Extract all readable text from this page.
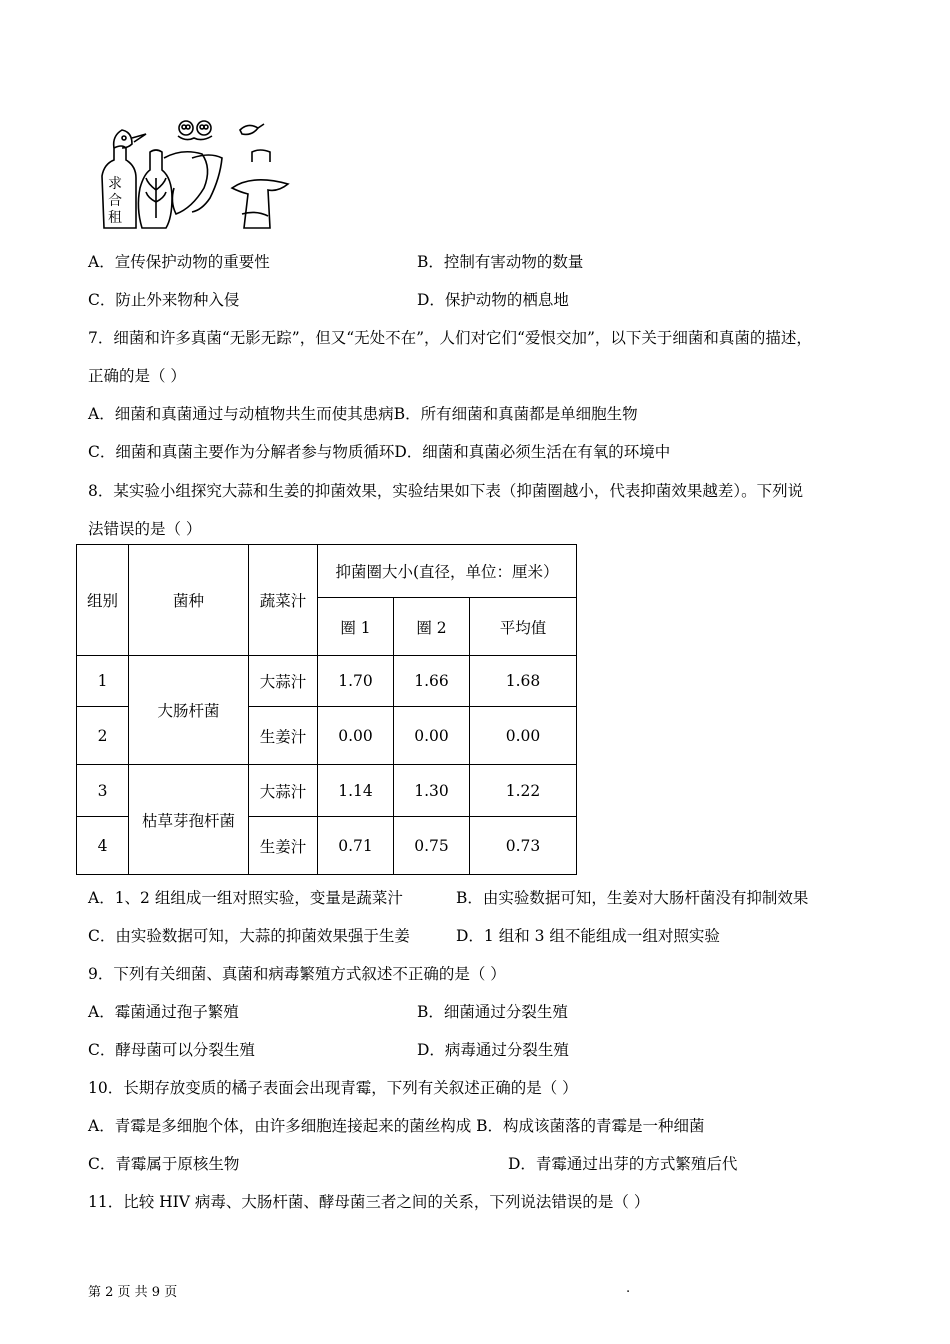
求合租
A．宣传保护动物的重要性	B．控制有害动物的数量
C．防止外来物种入侵	D．保护动物的栖息地
7．细菌和许多真菌“无影无踪”，但又“无处不在”，人们对它们“爱恨交加”，以下关于细菌和真菌的描述，
正确的是（ ）
A．细菌和真菌通过与动植物共生而使其患病B．所有细菌和真菌都是单细胞生物
C．细菌和真菌主要作为分解者参与物质循环D．细菌和真菌必须生活在有氧的环境中
8．某实验小组探究大蒜和生姜的抑菌效果，实验结果如下表（抑菌圈越小，代表抑菌效果越差）。下列说
法错误的是（ ）
组别	菌种	蔬菜汁	抑菌圈大小(直径，单位：厘米）		
			圈 1	圈 2	平均值
1	大肠杆菌	大蒜汁	1.70	1.66	1.68
2		生姜汁	0.00	0.00	0.00
3	枯草芽孢杆菌	大蒜汁	1.14	1.30	1.22
4		生姜汁	0.71	0.75	0.73
A．1、2 组组成一组对照实验，变量是蔬菜汁	B．由实验数据可知，生姜对大肠杆菌没有抑制效果
C．由实验数据可知，大蒜的抑菌效果强于生姜	D．1 组和 3 组不能组成一组对照实验
9．下列有关细菌、真菌和病毒繁殖方式叙述不正确的是（ ）
A．霉菌通过孢子繁殖	B．细菌通过分裂生殖
C．酵母菌可以分裂生殖	D．病毒通过分裂生殖
10．长期存放变质的橘子表面会出现青霉，下列有关叙述正确的是（ ）
A．青霉是多细胞个体，由许多细胞连接起来的菌丝构成 B．构成该菌落的青霉是一种细菌
C．青霉属于原核生物	D．青霉通过出芽的方式繁殖后代
11．比较 HIV 病毒、大肠杆菌、酵母菌三者之间的关系，下列说法错误的是（ ）
第 2 页 共 9 页	.
